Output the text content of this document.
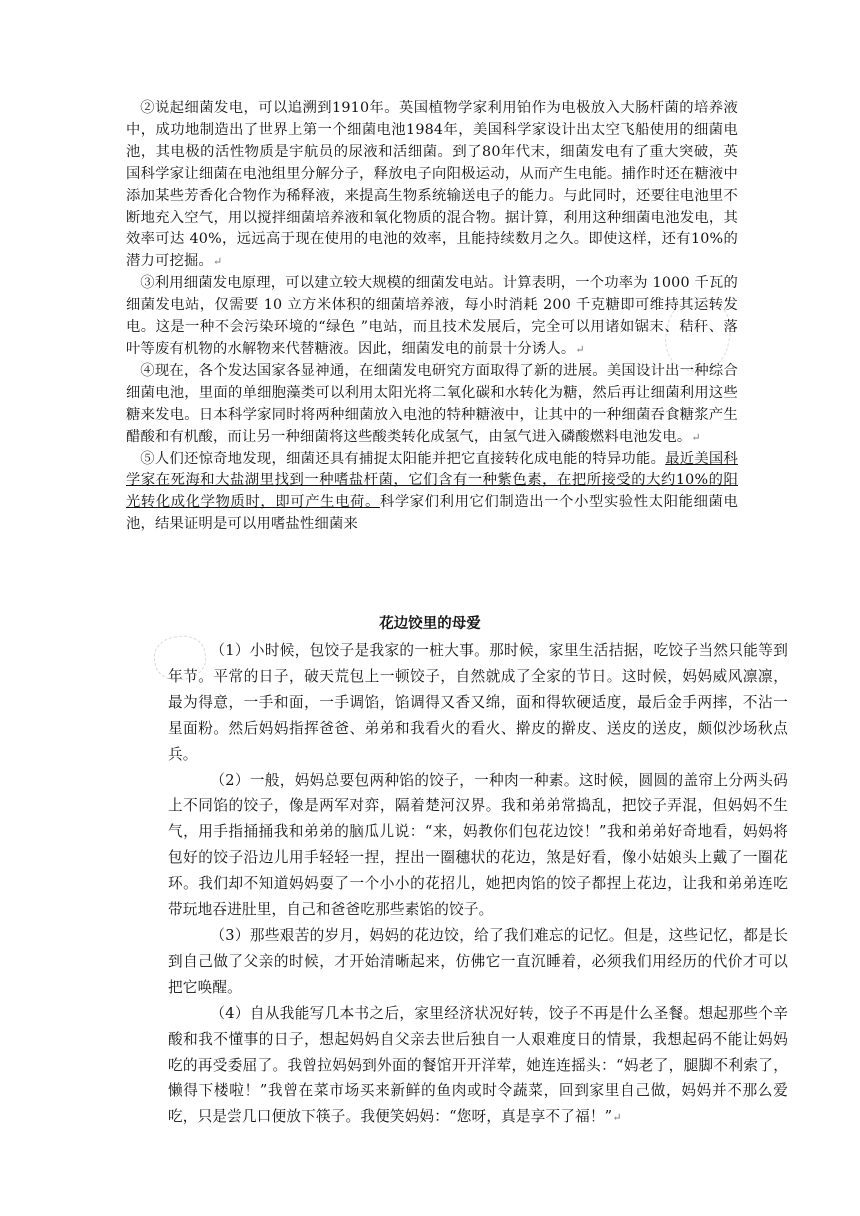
②说起细菌发电，可以追溯到1910年。英国植物学家利用铂作为电极放入大肠杆菌的培养液中，成功地制造出了世界上第一个细菌电池1984年，美国科学家设计出太空飞船使用的细菌电池，其电极的活性物质是宇航员的尿液和活细菌。到了80年代末，细菌发电有了重大突破，英国科学家让细菌在电池组里分解分子，释放电子向阳极运动，从而产生电能。捕作时还在糖液中添加某些芳香化合物作为稀释液，来提高生物系统输送电子的能力。与此同时，还要往电池里不断地充入空气，用以搅拌细菌培养液和氧化物质的混合物。据计算，利用这种细菌电池发电，其效率可达 40%，远远高于现在使用的电池的效率，且能持续数月之久。即使这样，还有10%的潜力可挖掘。↵

③利用细菌发电原理，可以建立较大规模的细菌发电站。计算表明，一个功率为 1000 千瓦的细菌发电站，仅需要 10 立方米体积的细菌培养液，每小时消耗 200 千克糖即可维持其运转发电。这是一种不会污染环境的“绿色 ”电站，而且技术发展后，完全可以用诸如锯末、秸秆、落叶等废有机物的水解物来代替糖液。因此，细菌发电的前景十分诱人。↵

④现在，各个发达国家各显神通，在细菌发电研究方面取得了新的进展。美国设计出一种综合细菌电池，里面的单细胞藻类可以利用太阳光将二氧化碳和水转化为糖，然后再让细菌利用这些糖来发电。日本科学家同时将两种细菌放入电池的特种糖液中，让其中的一种细菌吞食糖浆产生醋酸和有机酸，而让另一种细菌将这些酸类转化成氢气，由氢气进入磷酸燃料电池发电。↵

⑤人们还惊奇地发现，细菌还具有捕捉太阳能并把它直接转化成电能的特异功能。最近美国科学家在死海和大盐湖里找到一种嗜盐杆菌，它们含有一种紫色素，在把所接受的大约10%的阳光转化成化学物质时，即可产生电荷。科学家们利用它们制造出一个小型实验性太阳能细菌电池，结果证明是可以用嗜盐性细菌来

花边饺里的母爱

（1）小时候，包饺子是我家的一桩大事。那时候，家里生活拮据，吃饺子当然只能等到年节。平常的日子，破天荒包上一顿饺子，自然就成了全家的节日。这时候，妈妈威风凛凛，最为得意，一手和面，一手调馅，馅调得又香又绵，面和得软硬适度，最后金手两摔，不沾一星面粉。然后妈妈指挥爸爸、弟弟和我看火的看火、擀皮的擀皮、送皮的送皮，颇似沙场秋点兵。

（2）一般，妈妈总要包两种馅的饺子，一种肉一种素。这时候，圆圆的盖帘上分两头码上不同馅的饺子，像是两军对弈，隔着楚河汉界。我和弟弟常捣乱，把饺子弄混，但妈妈不生气，用手指捅捅我和弟弟的脑瓜儿说：“来，妈教你们包花边饺！”我和弟弟好奇地看，妈妈将包好的饺子沿边儿用手轻轻一捏，捏出一圈穗状的花边，煞是好看，像小姑娘头上戴了一圈花环。我们却不知道妈妈耍了一个小小的花招儿，她把肉馅的饺子都捏上花边，让我和弟弟连吃带玩地吞进肚里，自己和爸爸吃那些素馅的饺子。

（3）那些艰苦的岁月，妈妈的花边饺，给了我们难忘的记忆。但是，这些记忆，都是长到自己做了父亲的时候，才开始清晰起来，仿佛它一直沉睡着，必须我们用经历的代价才可以把它唤醒。

（4）自从我能写几本书之后，家里经济状况好转，饺子不再是什么圣餐。想起那些个辛酸和我不懂事的日子，想起妈妈自父亲去世后独自一人艰难度日的情景，我想起码不能让妈妈吃的再受委屈了。我曾拉妈妈到外面的餐馆开开洋荤，她连连摇头：“妈老了，腿脚不利索了，懒得下楼啦！”我曾在菜市场买来新鲜的鱼肉或时令蔬菜，回到家里自己做，妈妈并不那么爱吃，只是尝几口便放下筷子。我便笑妈妈：“您呀，真是享不了福！”↵
